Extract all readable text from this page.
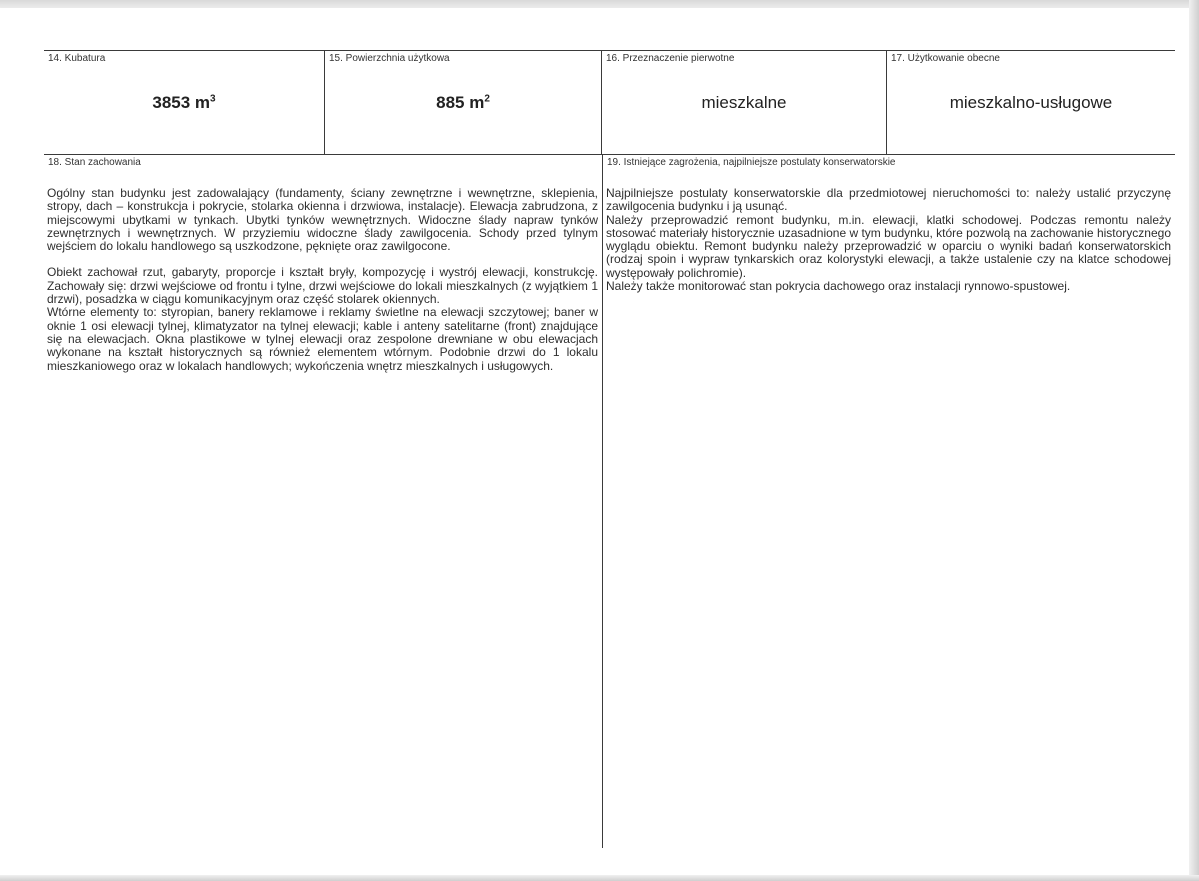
14. Kubatura
3853 $m^3$
15. Powierzchnia użytkowa
885 $m^2$
16. Przeznaczenie pierwotne
mieszkalne
17. Użytkowanie obecne
mieszkalno-usługowe
18. Stan zachowania

Ogólny stan budynku jest zadowalający (fundamenty, ściany zewnętrzne i wewnętrzne, sklepienia, stropy, dach – konstrukcja i pokrycie, stolarka okienna i drzwiowa, instalacje). Elewacja zabrudzona, z miejscowymi ubytkami w tynkach. Ubytki tynków wewnętrznych. Widoczne ślady napraw tynków zewnętrznych i wewnętrznych. W przyziemiu widoczne ślady zawilgocenia. Schody przed tylnym wejściem do lokalu handlowego są uszkodzone, pęknięte oraz zawilgocone.

Obiekt zachował rzut, gabaryty, proporcje i kształt bryły, kompozycję i wystrój elewacji, konstrukcję. Zachowały się: drzwi wejściowe od frontu i tylne, drzwi wejściowe do lokali mieszkalnych (z wyjątkiem 1 drzwi), posadzka w ciągu komunikacyjnym oraz część stolarek okiennych.

Wtórne elementy to: styropian, banery reklamowe i reklamy świetlne na elewacji szczytowej; baner w oknie 1 osi elewacji tylnej, klimatyzator na tylnej elewacji; kable i anteny satelitarne (front) znajdujące się na elewacjach. Okna plastikowe w tylnej elewacji oraz zespolone drewniane w obu elewacjach wykonane na kształt historycznych są również elementem wtórnym. Podobnie drzwi do 1 lokalu mieszkaniowego oraz w lokalach handlowych; wykończenia wnętrz mieszkalnych i usługowych.

19. Istniejące zagrożenia, najpilniejsze postulaty konserwatorskie

Najpilniejsze postulaty konserwatorskie dla przedmiotowej nieruchomości to: należy ustalić przyczynę zawilgocenia budynku i ją usunąć.

Należy przeprowadzić remont budynku, m.in. elewacji, klatki schodowej. Podczas remontu należy stosować materiały historycznie uzasadnione w tym budynku, które pozwolą na zachowanie historycznego wyglądu obiektu. Remont budynku należy przeprowadzić w oparciu o wyniki badań konserwatorskich (rodzaj spoin i wypraw tynkarskich oraz kolorystyki elewacji, a także ustalenie czy na klatce schodowej występowały polichromie).

Należy także monitorować stan pokrycia dachowego oraz instalacji rynnowo-spustowej.
